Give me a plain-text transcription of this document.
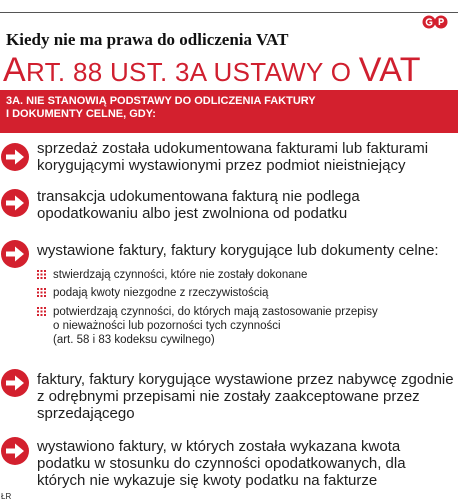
Kiedy nie ma prawa do odliczenia VAT
ART. 88 UST. 3A USTAWY O VAT
3A. NIE STANOWIĄ PODSTAWY DO ODLICZENIA FAKTURY
I DOKUMENTY CELNE, GDY:
sprzedaż została udokumentowana fakturami lub fakturami
korygującymi wystawionymi przez podmiot nieistniejący
transakcja udokumentowana fakturą nie podlega
opodatkowaniu albo jest zwolniona od podatku
wystawione faktury, faktury korygujące lub dokumenty celne:
stwierdzają czynności, które nie zostały dokonane
podają kwoty niezgodne z rzeczywistością
potwierdzają czynności, do których mają zastosowanie przepisy
o nieważności lub pozorności tych czynności
(art. 58 i 83 kodeksu cywilnego)
faktury, faktury korygujące wystawione przez nabywcę zgodnie
z odrębnymi przepisami nie zostały zaakceptowane przez
sprzedającego
wystawiono faktury, w których została wykazana kwota
podatku w stosunku do czynności opodatkowanych, dla
których nie wykazuje się kwoty podatku na fakturze
ŁR
